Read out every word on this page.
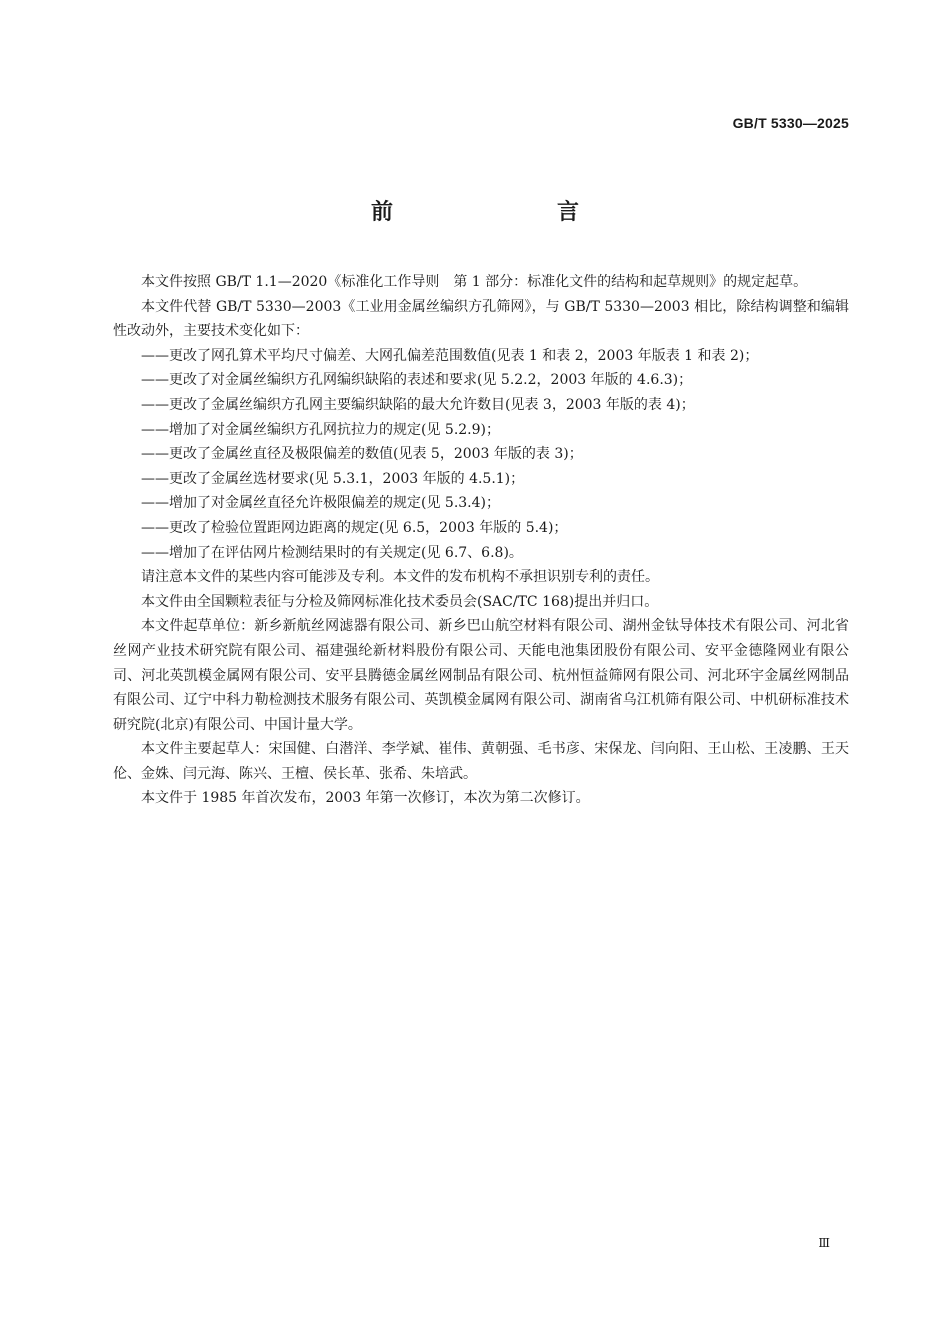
GB/T 5330—2025
前　　言

本文件按照 GB/T 1.1—2020《标准化工作导则　第 1 部分：标准化文件的结构和起草规则》的规定起草。

本文件代替 GB/T 5330—2003《工业用金属丝编织方孔筛网》，与 GB/T 5330—2003 相比，除结构调整和编辑性改动外，主要技术变化如下：

——更改了网孔算术平均尺寸偏差、大网孔偏差范围数值(见表 1 和表 2，2003 年版表 1 和表 2)；

——更改了对金属丝编织方孔网编织缺陷的表述和要求(见 5.2.2，2003 年版的 4.6.3)；

——更改了金属丝编织方孔网主要编织缺陷的最大允许数目(见表 3，2003 年版的表 4)；

——增加了对金属丝编织方孔网抗拉力的规定(见 5.2.9)；

——更改了金属丝直径及极限偏差的数值(见表 5，2003 年版的表 3)；

——更改了金属丝选材要求(见 5.3.1，2003 年版的 4.5.1)；

——增加了对金属丝直径允许极限偏差的规定(见 5.3.4)；

——更改了检验位置距网边距离的规定(见 6.5，2003 年版的 5.4)；

——增加了在评估网片检测结果时的有关规定(见 6.7、6.8)。

请注意本文件的某些内容可能涉及专利。本文件的发布机构不承担识别专利的责任。

本文件由全国颗粒表征与分检及筛网标准化技术委员会(SAC/TC 168)提出并归口。

本文件起草单位：新乡新航丝网滤器有限公司、新乡巴山航空材料有限公司、湖州金钛导体技术有限公司、河北省丝网产业技术研究院有限公司、福建强纶新材料股份有限公司、天能电池集团股份有限公司、安平金德隆网业有限公司、河北英凯模金属网有限公司、安平县腾德金属丝网制品有限公司、杭州恒益筛网有限公司、河北环宇金属丝网制品有限公司、辽宁中科力勒检测技术服务有限公司、英凯模金属网有限公司、湖南省乌江机筛有限公司、中机研标准技术研究院(北京)有限公司、中国计量大学。

本文件主要起草人：宋国健、白潜洋、李学斌、崔伟、黄朝强、毛书彦、宋保龙、闫向阳、王山松、王凌鹏、王天伦、金姝、闫元海、陈兴、王檀、侯长革、张希、朱培武。

本文件于 1985 年首次发布，2003 年第一次修订，本次为第二次修订。

Ⅲ
